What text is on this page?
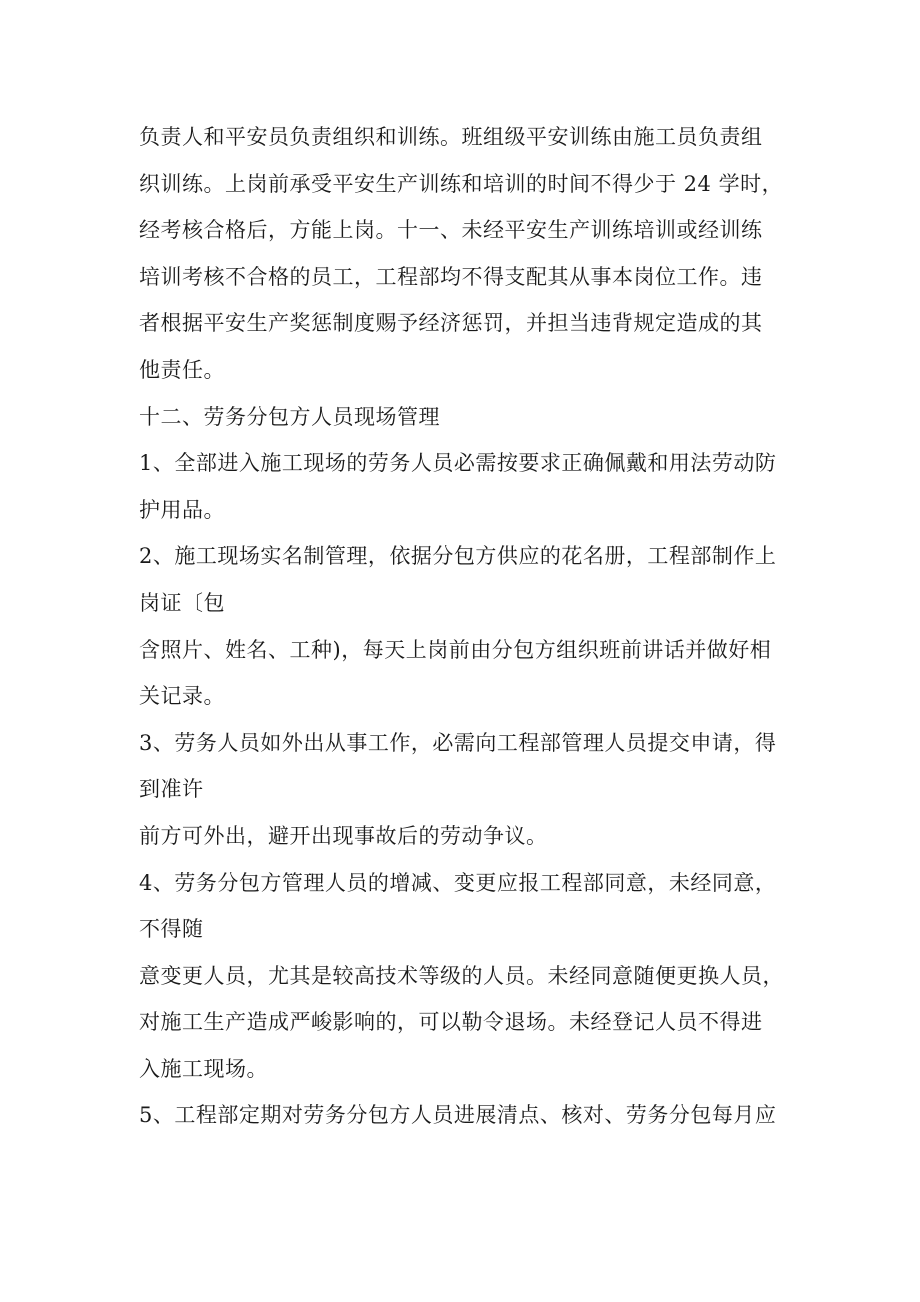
负责人和平安员负责组织和训练。班组级平安训练由施工员负责组
织训练。上岗前承受平安生产训练和培训的时间不得少于 24 学时，
经考核合格后，方能上岗。十一、未经平安生产训练培训或经训练
培训考核不合格的员工，工程部均不得支配其从事本岗位工作。违
者根据平安生产奖惩制度赐予经济惩罚，并担当违背规定造成的其
他责任。
十二、劳务分包方人员现场管理
1、全部进入施工现场的劳务人员必需按要求正确佩戴和用法劳动防
护用品。
2、施工现场实名制管理，依据分包方供应的花名册，工程部制作上
岗证〔包
含照片、姓名、工种)，每天上岗前由分包方组织班前讲话并做好相
关记录。
3、劳务人员如外出从事工作，必需向工程部管理人员提交申请，得
到准许
前方可外出，避开出现事故后的劳动争议。
4、劳务分包方管理人员的增减、变更应报工程部同意，未经同意，
不得随
意变更人员，尤其是较高技术等级的人员。未经同意随便更换人员，
对施工生产造成严峻影响的，可以勒令退场。未经登记人员不得进
入施工现场。
5、工程部定期对劳务分包方人员进展清点、核对、劳务分包每月应
